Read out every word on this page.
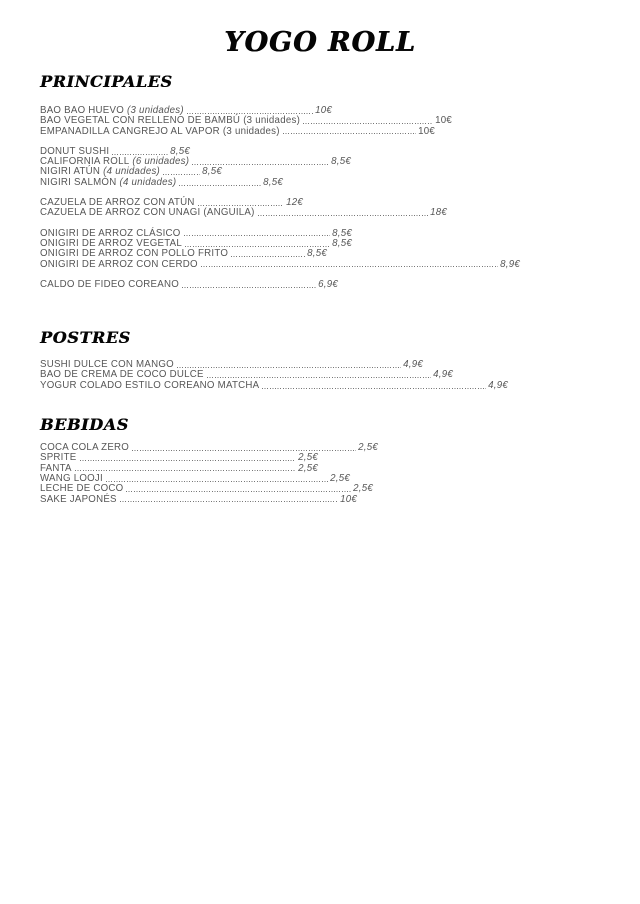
YOGO ROLL
PRINCIPALES
BAO BAO HUEVO (3 unidades)	10€
BAO VEGETAL CON RELLENO DE BAMBÚ (3 unidades)	10€
EMPANADILLA CANGREJO AL VAPOR (3 unidades)	10€
DONUT SUSHI	8,5€
CALIFORNIA ROLL (6 unidades)	8,5€
NIGIRI ATÚN (4 unidades)	8,5€
NIGIRI SALMÓN (4 unidades)	8,5€
CAZUELA DE ARROZ CON ATÚN	12€
CAZUELA DE ARROZ CON UNAGI (ANGUILA)	18€
ONIGIRI DE ARROZ CLÁSICO	8,5€
ONIGIRI DE ARROZ VEGETAL	8,5€
ONIGIRI DE ARROZ CON POLLO FRITO	8,5€
ONIGIRI DE ARROZ CON CERDO	8,9€
CALDO DE FIDEO COREANO	6,9€
POSTRES
SUSHI DULCE CON MANGO	4,9€
BAO DE CREMA DE COCO DULCE	4,9€
YOGUR COLADO ESTILO COREANO MATCHA	4,9€
BEBIDAS
COCA COLA ZERO	2,5€
SPRITE	2,5€
FANTA	2,5€
WANG LOOJI	2,5€
LECHE DE COCO	2,5€
SAKE JAPONÉS	10€
